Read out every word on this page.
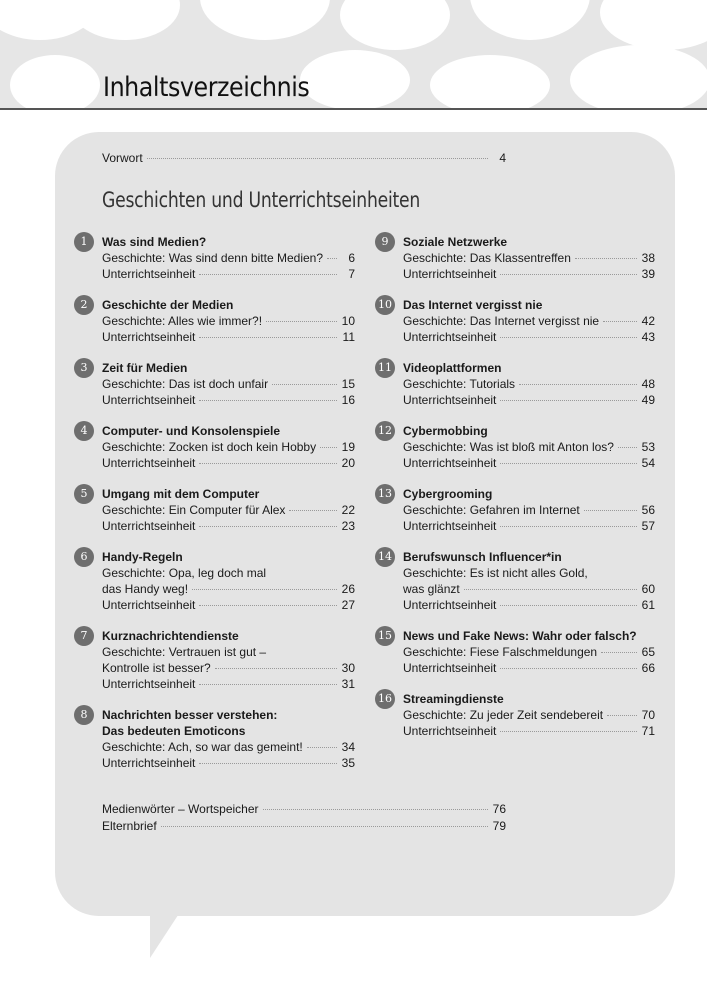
Inhaltsverzeichnis
Vorwort	4
Geschichten und Unterrichtseinheiten
1	Was sind Medien?
Geschichte: Was sind denn bitte Medien?	6
Unterrichtseinheit	7
2	Geschichte der Medien
Geschichte: Alles wie immer?!	10
Unterrichtseinheit	11
3	Zeit für Medien
Geschichte: Das ist doch unfair	15
Unterrichtseinheit	16
4	Computer- und Konsolenspiele
Geschichte: Zocken ist doch kein Hobby 19
Unterrichtseinheit	20
5	Umgang mit dem Computer
Geschichte: Ein Computer für Alex	22
Unterrichtseinheit	23
6	Handy-Regeln
Geschichte: Opa, leg doch mal
das Handy weg!	26
Unterrichtseinheit	27
7	Kurznachrichtendienste
Geschichte: Vertrauen ist gut –
Kontrolle ist besser?	30
Unterrichtseinheit	31
8	Nachrichten besser verstehen:
Das bedeuten Emoticons
Geschichte: Ach, so war das gemeint!	34
Unterrichtseinheit	35
9	Soziale Netzwerke
Geschichte: Das Klassentreffen	38
Unterrichtseinheit	39
10 Das Internet vergisst nie
Geschichte: Das Internet vergisst nie	42
Unterrichtseinheit	43
11 Videoplattformen
Geschichte: Tutorials	48
Unterrichtseinheit	49
12 Cybermobbing
Geschichte: Was ist bloß mit Anton los? 53
Unterrichtseinheit	54
13 Cybergrooming
Geschichte: Gefahren im Internet	56
Unterrichtseinheit	57
14 Berufswunsch Influencer*in
Geschichte: Es ist nicht alles Gold,
was glänzt	60
Unterrichtseinheit	61
15 News und Fake News: Wahr oder falsch?
Geschichte: Fiese Falschmeldungen	65
Unterrichtseinheit	66
16 Streamingdienste
Geschichte: Zu jeder Zeit sendebereit	70
Unterrichtseinheit	71
Medienwörter – Wortspeicher	76
Elternbrief	79
